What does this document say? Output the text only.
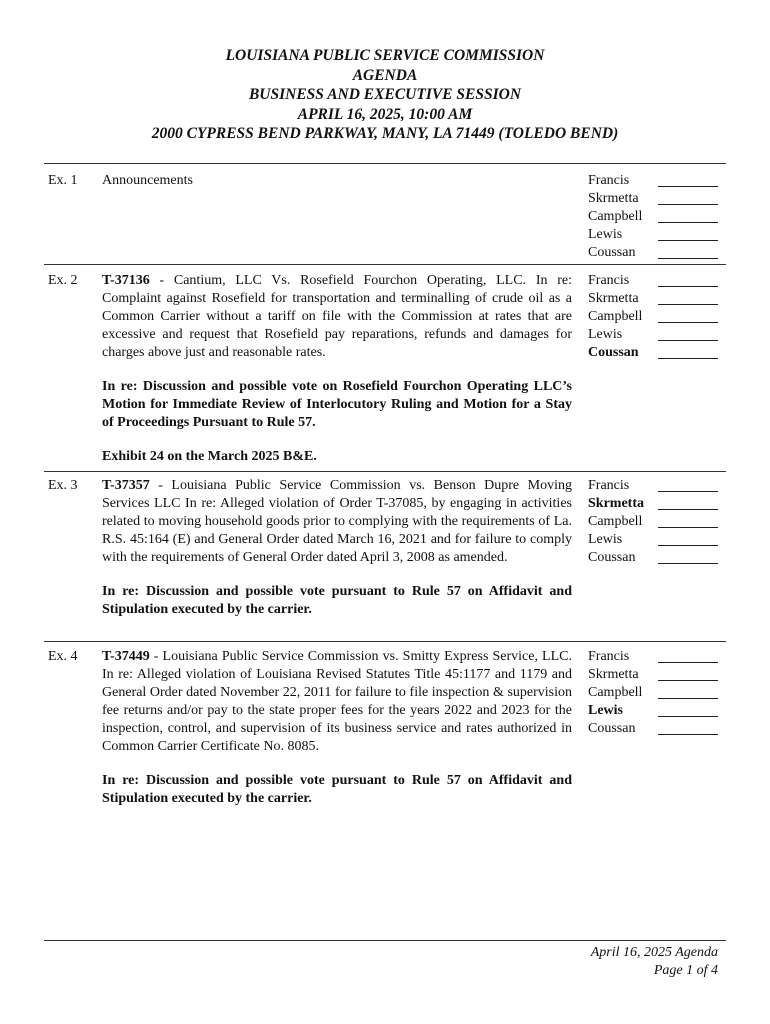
LOUISIANA PUBLIC SERVICE COMMISSION
AGENDA
BUSINESS AND EXECUTIVE SESSION
APRIL 16, 2025, 10:00 AM
2000 CYPRESS BEND PARKWAY, MANY, LA 71449 (TOLEDO BEND)
Ex. 1 Announcements	Francis
Skrmetta
Campbell
Lewis
Coussan
Ex. 2 T-37136 - Cantium, LLC Vs. Rosefield Fourchon Operating, LLC. In re: Complaint against Rosefield for transportation and terminalling of crude oil as a Common Carrier without a tariff on file with the Commission at rates that are excessive and request that Rosefield pay reparations, refunds and damages for charges above just and reasonable rates.

In re: Discussion and possible vote on Rosefield Fourchon Operating LLC’s Motion for Immediate Review of Interlocutory Ruling and Motion for a Stay of Proceedings Pursuant to Rule 57.

Exhibit 24 on the March 2025 B&E.

Francis
Skrmetta
Campbell
Lewis
Coussan
Ex. 3 T-37357 - Louisiana Public Service Commission vs. Benson Dupre Moving Services LLC In re: Alleged violation of Order T-37085, by engaging in activities related to moving household goods prior to complying with the requirements of La. R.S. 45:164 (E) and General Order dated March 16, 2021 and for failure to comply with the requirements of General Order dated April 3, 2008 as amended.

In re: Discussion and possible vote pursuant to Rule 57 on Affidavit and Stipulation executed by the carrier.

Francis
Skrmetta
Campbell
Lewis
Coussan
Ex. 4 T-37449 - Louisiana Public Service Commission vs. Smitty Express Service, LLC. In re: Alleged violation of Louisiana Revised Statutes Title 45:1177 and 1179 and General Order dated November 22, 2011 for failure to file inspection & supervision fee returns and/or pay to the state proper fees for the years 2022 and 2023 for the inspection, control, and supervision of its business service and rates authorized in Common Carrier Certificate No. 8085.

In re: Discussion and possible vote pursuant to Rule 57 on Affidavit and Stipulation executed by the carrier.

Francis
Skrmetta
Campbell
Lewis
Coussan
April 16, 2025 Agenda
Page 1 of 4
